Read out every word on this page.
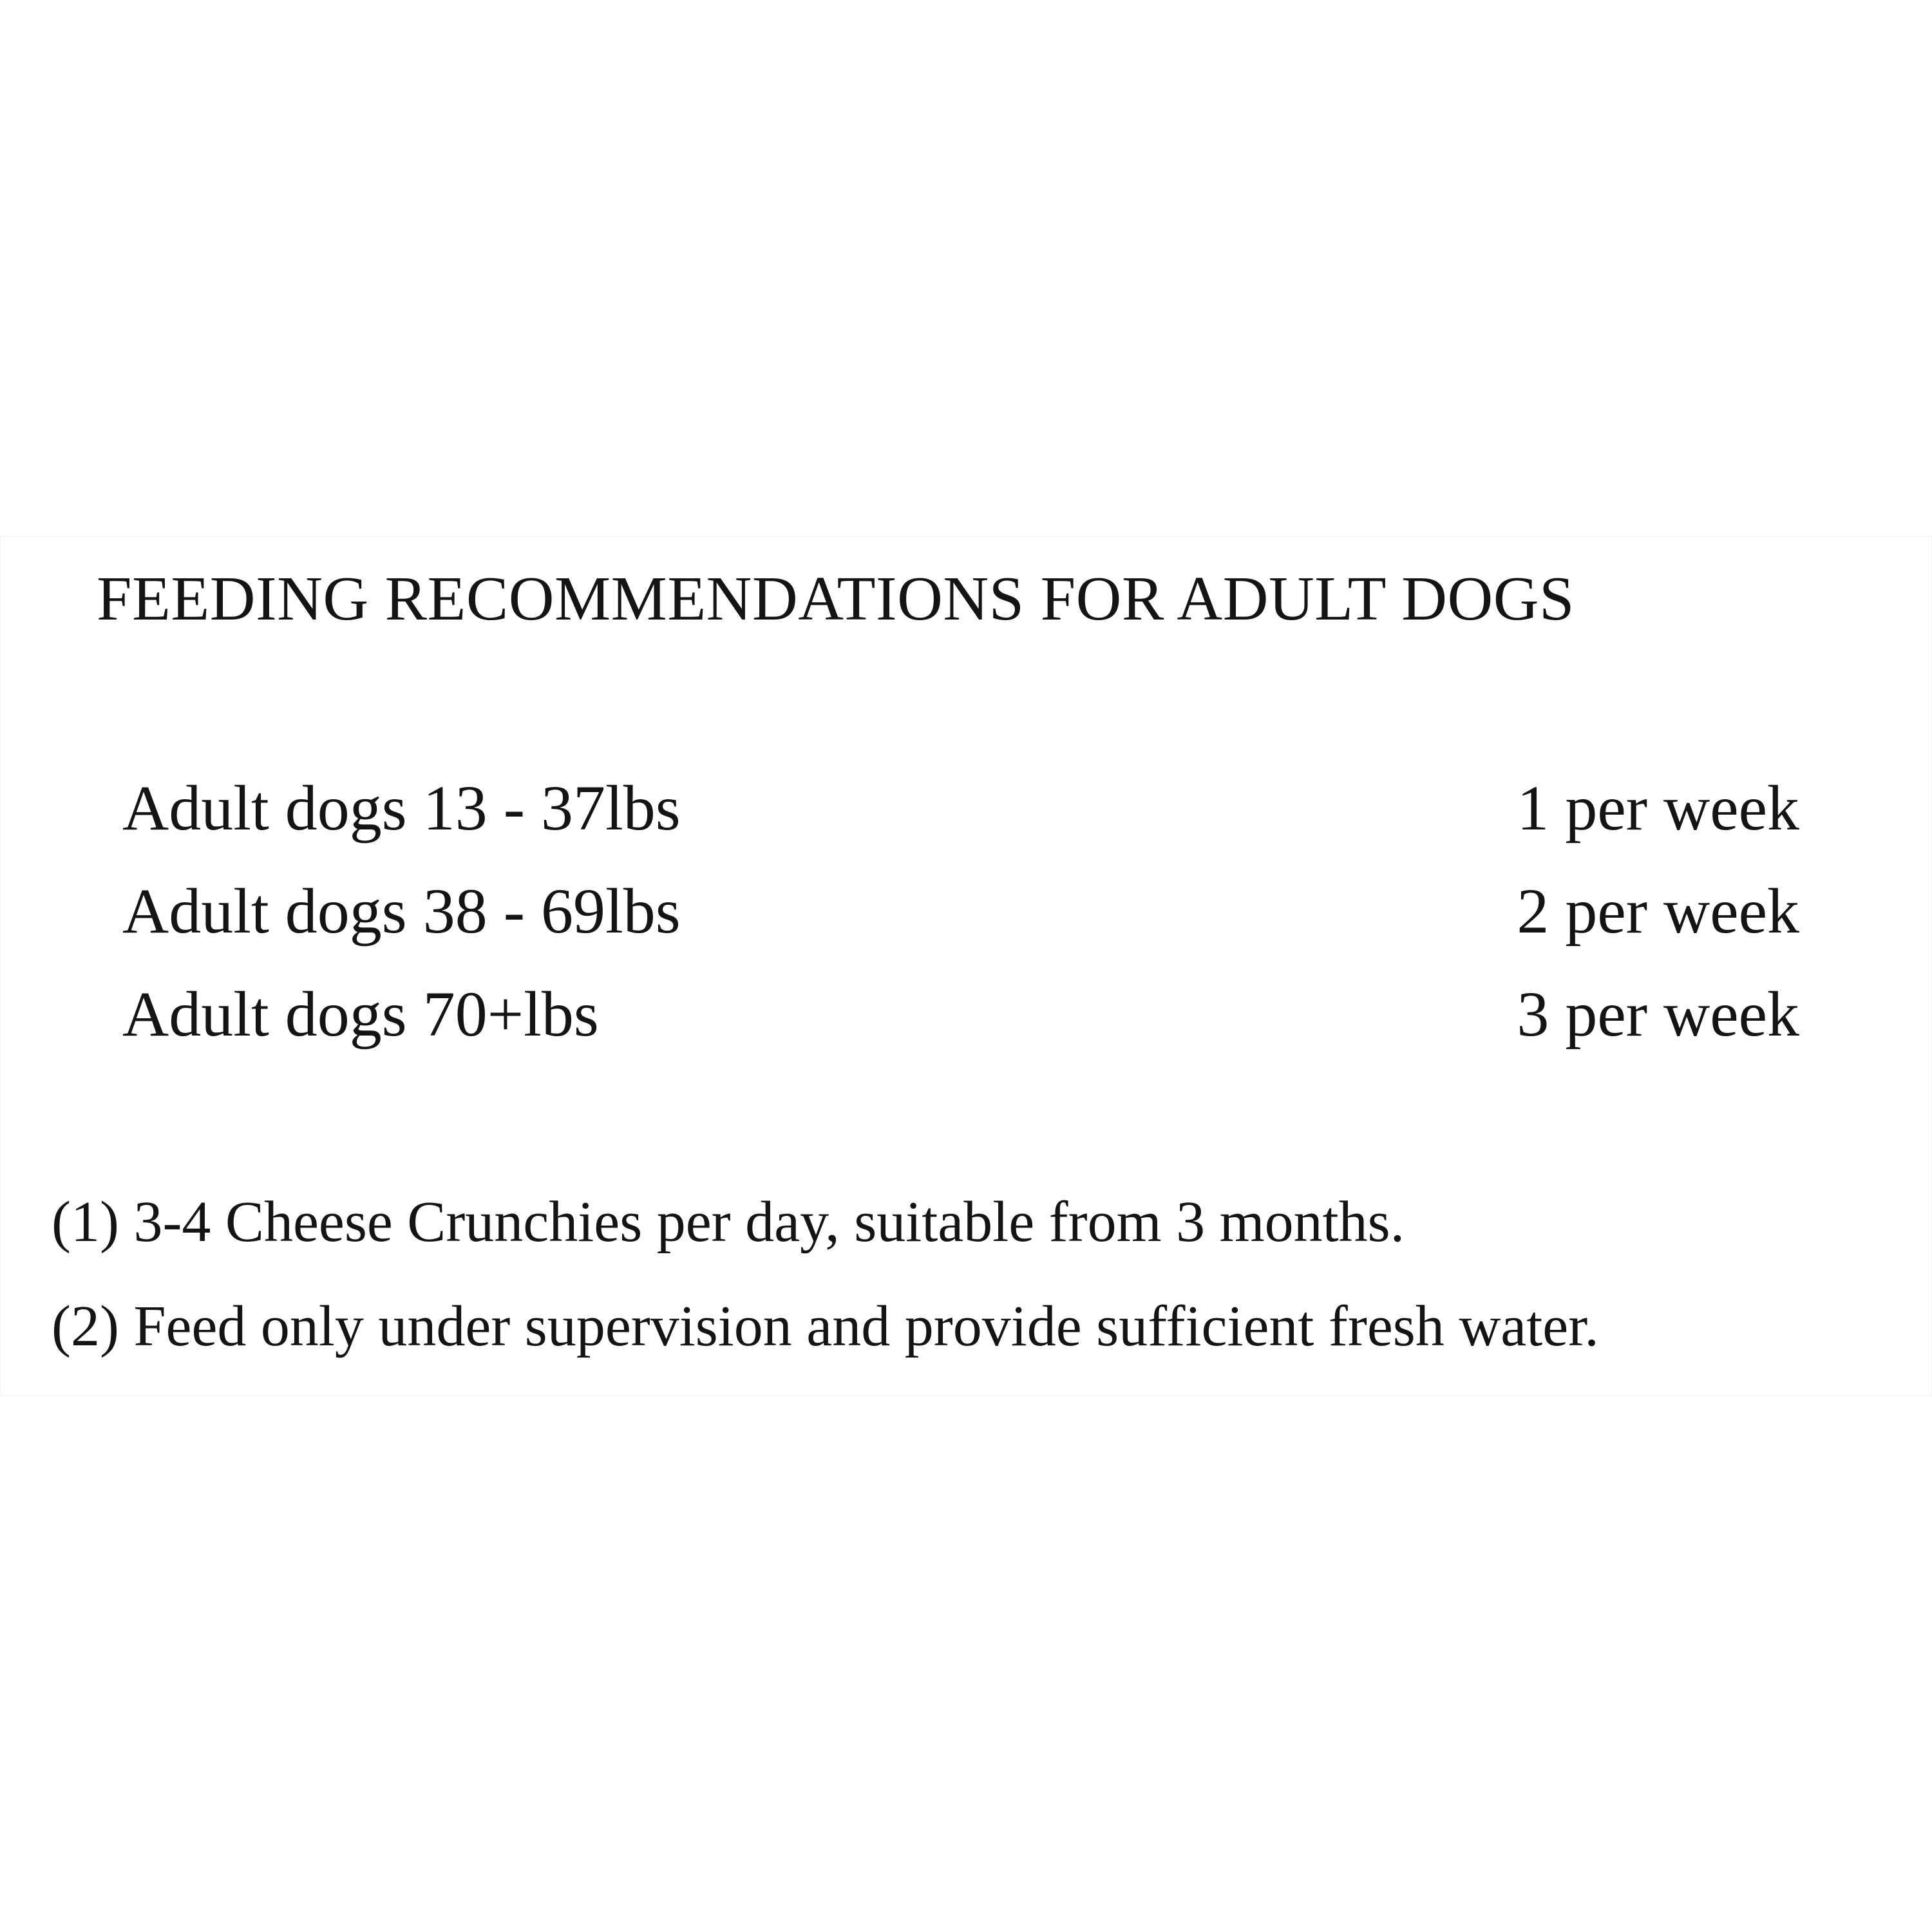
FEEDING RECOMMENDATIONS FOR ADULT DOGS
Adult dogs 13 - 37lbs	1 per week
Adult dogs 38 - 69lbs	2 per week
Adult dogs 70+lbs	3 per week
(1) 3-4 Cheese Crunchies per day, suitable from 3 months.
(2) Feed only under supervision and provide sufficient fresh water.
